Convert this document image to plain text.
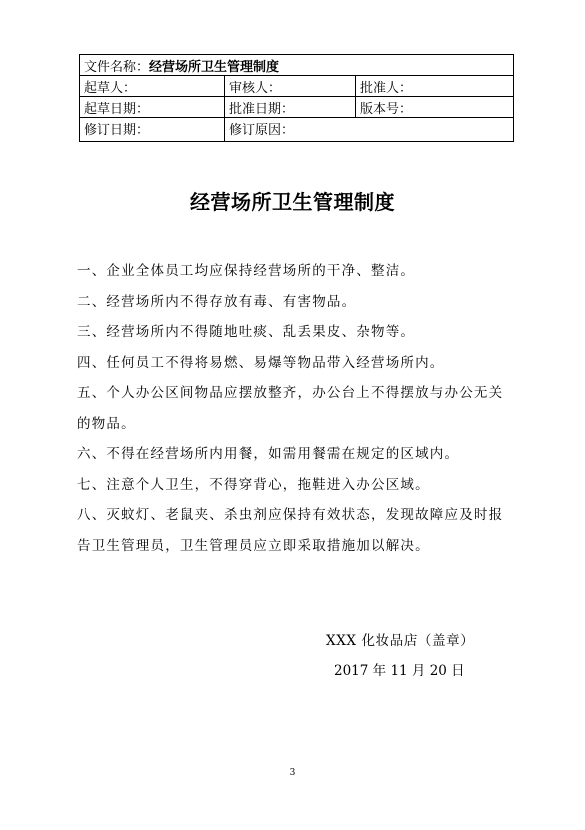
文件名称：经营场所卫生管理制度		
起草人：	审核人：	批准人：
起草日期：	批准日期：	版本号：
修订日期：	修订原因：	
经营场所卫生管理制度
一、企业全体员工均应保持经营场所的干净、整洁。
二、经营场所内不得存放有毒、有害物品。
三、经营场所内不得随地吐痰、乱丢果皮、杂物等。
四、任何员工不得将易燃、易爆等物品带入经营场所内。
五、个人办公区间物品应摆放整齐，办公台上不得摆放与办公无关的物品。
六、不得在经营场所内用餐，如需用餐需在规定的区域内。
七、注意个人卫生，不得穿背心，拖鞋进入办公区域。
八、灭蚊灯、老鼠夹、杀虫剂应保持有效状态，发现故障应及时报告卫生管理员，卫生管理员应立即采取措施加以解决。
XXX 化妆品店（盖章）
2017 年 11 月 20 日
3
